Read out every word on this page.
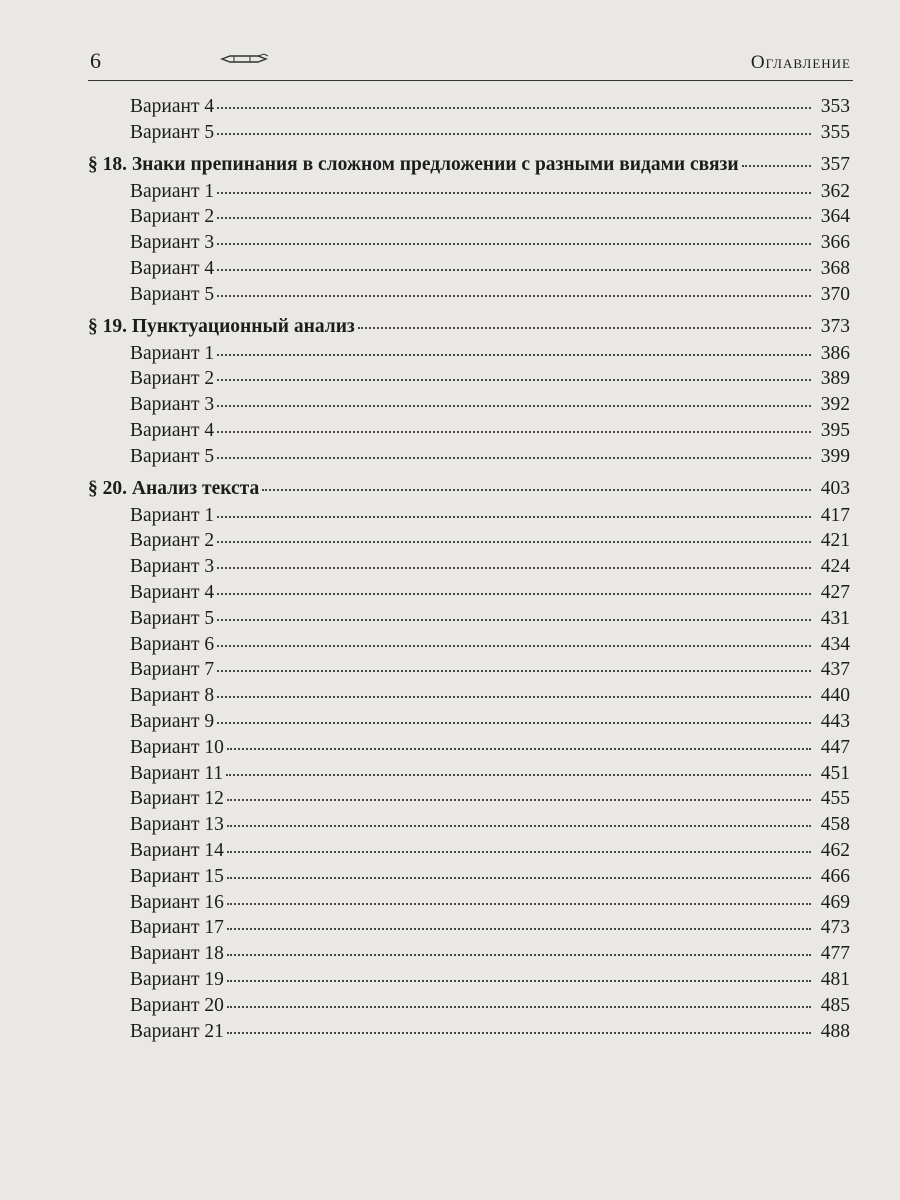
6	Оглавление
Вариант 4	353
Вариант 5	355
§ 18. Знаки препинания в сложном предложении с разными видами связи	357
Вариант 1	362
Вариант 2	364
Вариант 3	366
Вариант 4	368
Вариант 5	370
§ 19. Пунктуационный анализ	373
Вариант 1	386
Вариант 2	389
Вариант 3	392
Вариант 4	395
Вариант 5	399
§ 20. Анализ текста	403
Вариант 1	417
Вариант 2	421
Вариант 3	424
Вариант 4	427
Вариант 5	431
Вариант 6	434
Вариант 7	437
Вариант 8	440
Вариант 9	443
Вариант 10	447
Вариант 11	451
Вариант 12	455
Вариант 13	458
Вариант 14	462
Вариант 15	466
Вариант 16	469
Вариант 17	473
Вариант 18	477
Вариант 19	481
Вариант 20	485
Вариант 21	488
